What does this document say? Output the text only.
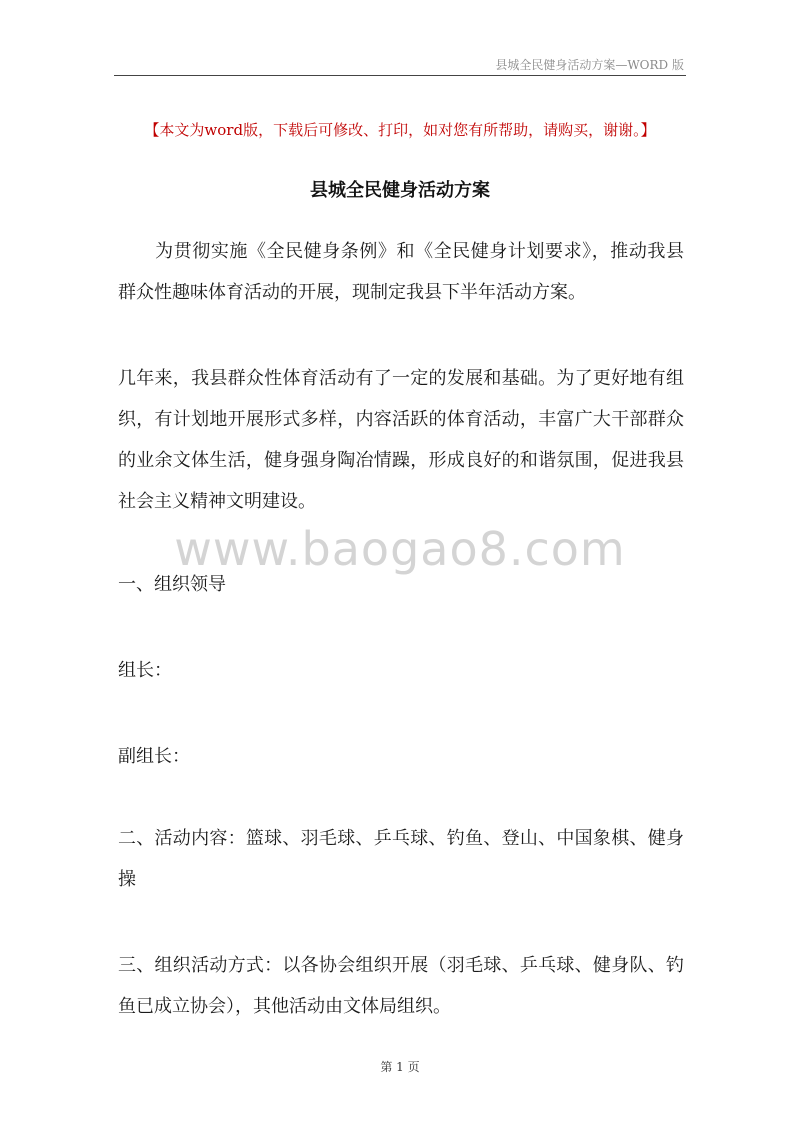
县城全民健身活动方案—WORD 版
【本文为word版，下载后可修改、打印，如对您有所帮助，请购买，谢谢。】
县城全民健身活动方案
　　为贯彻实施《全民健身条例》和《全民健身计划要求》，推动我县群众性趣味体育活动的开展，现制定我县下半年活动方案。
几年来，我县群众性体育活动有了一定的发展和基础。为了更好地有组织，有计划地开展形式多样，内容活跃的体育活动，丰富广大干部群众的业余文体生活，健身强身陶冶情躁，形成良好的和谐氛围，促进我县社会主义精神文明建设。
www.baogao8.com
一、组织领导
组长：
副组长：
二、活动内容：篮球、羽毛球、乒乓球、钓鱼、登山、中国象棋、健身操
三、组织活动方式：以各协会组织开展（羽毛球、乒乓球、健身队、钓鱼已成立协会），其他活动由文体局组织。
第 1 页
